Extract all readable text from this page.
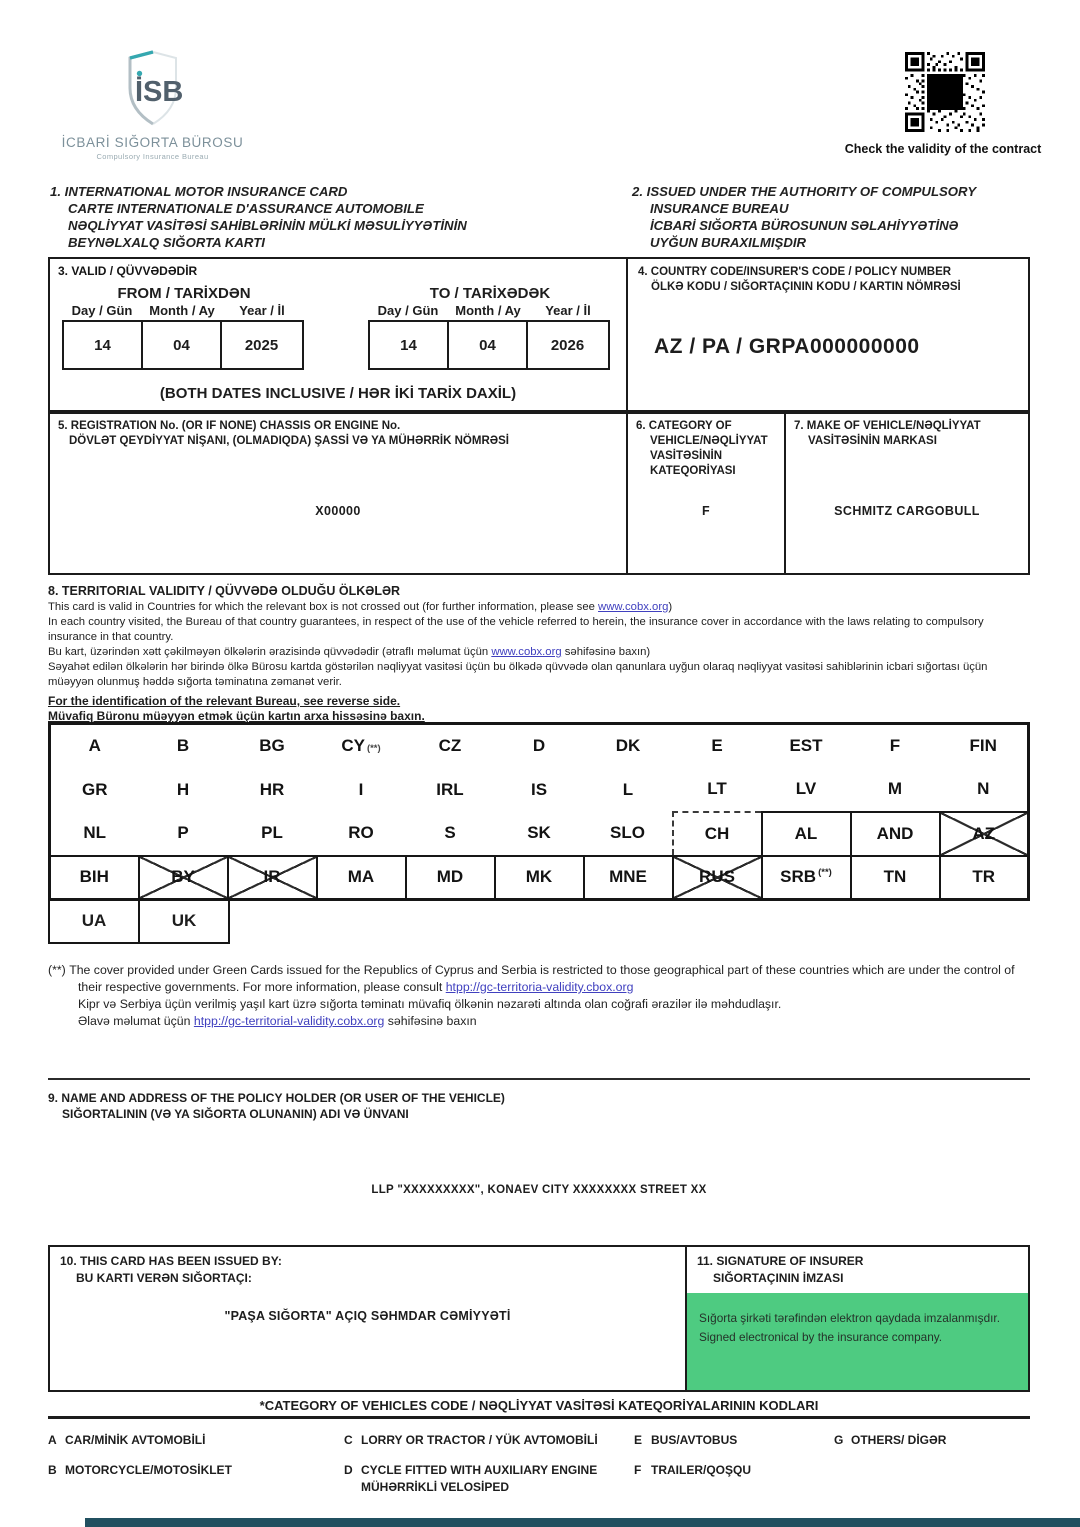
İSB
İCBARİ SIĞORTA BÜROSU
Compulsory Insurance Bureau
Check the validity of the contract
1. INTERNATIONAL MOTOR INSURANCE CARD
CARTE INTERNATIONALE D'ASSURANCE AUTOMOBILE
NƏQLİYYAT VASİTƏSİ SAHİBLƏRİNİN MÜLKİ MƏSULİYYƏTİNİN
BEYNƏLXALQ SIĞORTA KARTI
2. ISSUED UNDER THE AUTHORITY OF COMPULSORY
INSURANCE BUREAU
İCBARİ SIĞORTA BÜROSUNUN SƏLAHİYYƏTİNƏ
UYĞUN BURAXILMIŞDIR
3. VALID / QÜVVƏDƏDİR
FROM / TARİXDƏN
Day / Gün	Month / Ay	Year / İl
14	04	2025
TO / TARİXƏDƏK
Day / Gün	Month / Ay	Year / İl
14	04	2026
(BOTH DATES INCLUSIVE / HƏR İKİ TARİX DAXİL)
4. COUNTRY CODE/INSURER'S CODE / POLICY NUMBER
ÖLKƏ KODU / SIĞORTAÇININ KODU / KARTIN NÖMRƏSİ
AZ / PA / GRPA000000000
5. REGISTRATION No. (OR IF NONE) CHASSIS OR ENGINE No.
DÖVLƏT QEYDİYYAT NİŞANI, (OLMADIQDA) ŞASSİ VƏ YA MÜHƏRRİK NÖMRƏSİ
X00000
6. CATEGORY OF VEHICLE/NƏQLİYYAT VASİTƏSİNİN KATEQORİYASI
F
7. MAKE OF VEHICLE/NƏQLİYYAT VASİTƏSİNİN MARKASI
SCHMITZ CARGOBULL
8. TERRITORIAL VALIDITY / QÜVVƏDƏ OLDUĞU ÖLKƏLƏR
This card is valid in Countries for which the relevant box is not crossed out (for further information, please see www.cobx.org)
In each country visited, the Bureau of that country guarantees, in respect of the use of the vehicle referred to herein, the insurance cover in accordance with the laws relating to compulsory insurance in that country.
Bu kart, üzərindən xətt çəkilməyən ölkələrin ərazisində qüvvədədir (ətraflı məlumat üçün www.cobx.org səhifəsinə baxın)
Səyahət edilən ölkələrin hər birində ölkə Bürosu kartda göstərilən nəqliyyat vasitəsi üçün bu ölkədə qüvvədə olan qanunlara uyğun olaraq nəqliyyat vasitəsi sahiblərinin icbari sığortası üçün müəyyən olunmuş həddə sığorta təminatına zəmanət verir.
For the identification of the relevant Bureau, see reverse side.
Müvafiq Büronu müəyyən etmək üçün kartın arxa hissəsinə baxın.
A	B	BG	CY (**)	CZ	D	DK	E	EST	F	FIN
GR	H	HR	I	IRL	IS	L	LT	LV	M	N
NL	P	PL	RO	S	SK	SLO	CH	AL	AND	AZ
BIH	BY	IR	MA	MD	MK	MNE	RUS	SRB (**)	TN	TR
UA	UK
(**) The cover provided under Green Cards issued for the Republics of Cyprus and Serbia is restricted to those geographical part of these countries which are under the control of their respective governments. For more information, please consult htpp://gc-territoria-validity.cbox.org
Kipr və Serbiya üçün verilmiş yaşıl kart üzrə sığorta təminatı müvafiq ölkənin nəzarəti altında olan coğrafi ərazilər ilə məhdudlaşır.
Əlavə məlumat üçün htpp://gc-territorial-validity.cobx.org səhifəsinə baxın
9. NAME AND ADDRESS OF THE POLICY HOLDER (OR USER OF THE VEHICLE)
SIĞORTALININ (VƏ YA SIĞORTA OLUNANIN) ADI VƏ ÜNVANI
LLP "XXXXXXXXX", KONAEV CITY XXXXXXXX STREET XX
10. THIS CARD HAS BEEN ISSUED BY:
BU KARTI VERƏN SIĞORTAÇI:
"PAŞA SIĞORTA" AÇIQ SƏHMDAR CƏMİYYƏTİ
11. SIGNATURE OF INSURER
SIĞORTAÇININ İMZASI
Sığorta şirkəti tərəfindən elektron qaydada imzalanmışdır.
Signed electronical by the insurance company.
*CATEGORY OF VEHICLES CODE / NƏQLİYYAT VASİTƏSİ KATEQORİYALARININ KODLARI
A CAR/MİNİK AVTOMOBİLİ
B MOTORCYCLE/MOTOSİKLET
C LORRY OR TRACTOR / YÜK AVTOMOBİLİ
D CYCLE FITTED WITH AUXILIARY ENGINE
MÜHƏRRİKLİ VELOSİPED
E BUS/AVTOBUS
F TRAILER/QOŞQU
G OTHERS/ DİGƏR
